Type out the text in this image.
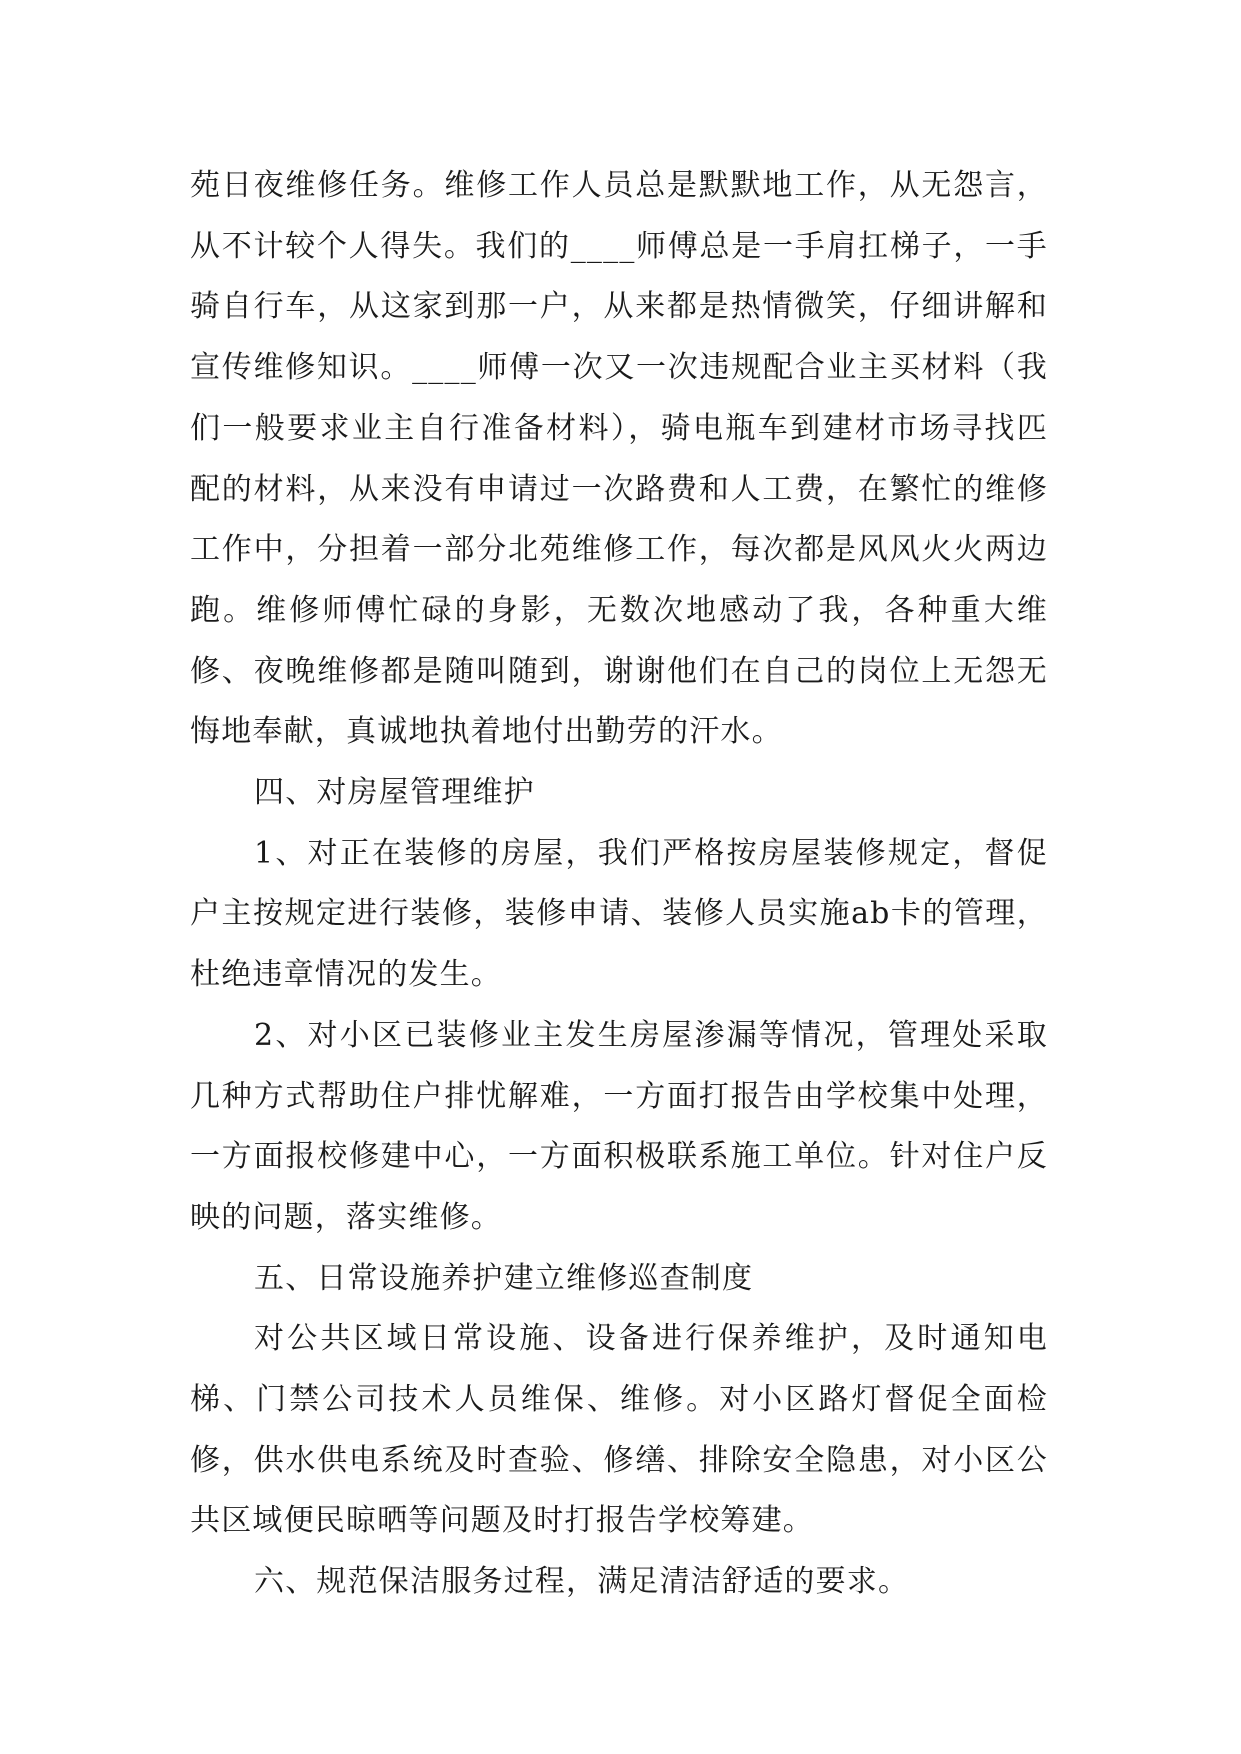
苑日夜维修任务。维修工作人员总是默默地工作，从无怨言，从不计较个人得失。我们的____师傅总是一手肩扛梯子，一手骑自行车，从这家到那一户，从来都是热情微笑，仔细讲解和宣传维修知识。____师傅一次又一次违规配合业主买材料（我们一般要求业主自行准备材料），骑电瓶车到建材市场寻找匹配的材料，从来没有申请过一次路费和人工费，在繁忙的维修工作中，分担着一部分北苑维修工作，每次都是风风火火两边跑。维修师傅忙碌的身影，无数次地感动了我，各种重大维修、夜晚维修都是随叫随到，谢谢他们在自己的岗位上无怨无悔地奉献，真诚地执着地付出勤劳的汗水。

四、对房屋管理维护

1、对正在装修的房屋，我们严格按房屋装修规定，督促户主按规定进行装修，装修申请、装修人员实施ab卡的管理，杜绝违章情况的发生。

2、对小区已装修业主发生房屋渗漏等情况，管理处采取几种方式帮助住户排忧解难，一方面打报告由学校集中处理，一方面报校修建中心，一方面积极联系施工单位。针对住户反映的问题，落实维修。

五、日常设施养护建立维修巡查制度

对公共区域日常设施、设备进行保养维护，及时通知电梯、门禁公司技术人员维保、维修。对小区路灯督促全面检修，供水供电系统及时查验、修缮、排除安全隐患，对小区公共区域便民晾晒等问题及时打报告学校筹建。

六、规范保洁服务过程，满足清洁舒适的要求。
